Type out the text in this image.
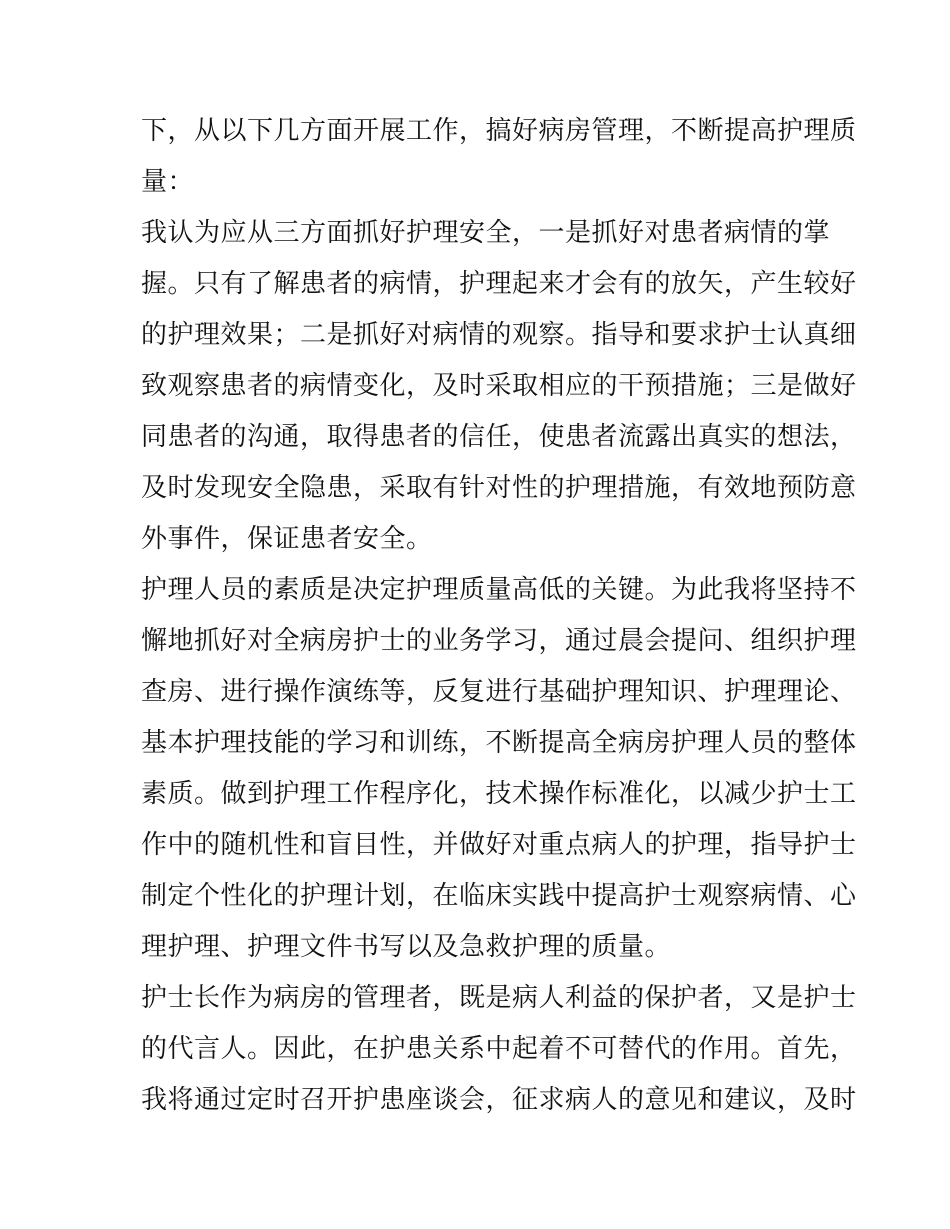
下，从以下几方面开展工作，搞好病房管理，不断提高护理质
量：
我认为应从三方面抓好护理安全，一是抓好对患者病情的掌
握。只有了解患者的病情，护理起来才会有的放矢，产生较好
的护理效果；二是抓好对病情的观察。指导和要求护士认真细
致观察患者的病情变化，及时采取相应的干预措施；三是做好
同患者的沟通，取得患者的信任，使患者流露出真实的想法，
及时发现安全隐患，采取有针对性的护理措施，有效地预防意
外事件，保证患者安全。
护理人员的素质是决定护理质量高低的关键。为此我将坚持不
懈地抓好对全病房护士的业务学习，通过晨会提问、组织护理
查房、进行操作演练等，反复进行基础护理知识、护理理论、
基本护理技能的学习和训练，不断提高全病房护理人员的整体
素质。做到护理工作程序化，技术操作标准化，以减少护士工
作中的随机性和盲目性，并做好对重点病人的护理，指导护士
制定个性化的护理计划，在临床实践中提高护士观察病情、心
理护理、护理文件书写以及急救护理的质量。
护士长作为病房的管理者，既是病人利益的保护者，又是护士
的代言人。因此，在护患关系中起着不可替代的作用。首先，
我将通过定时召开护患座谈会，征求病人的意见和建议，及时
